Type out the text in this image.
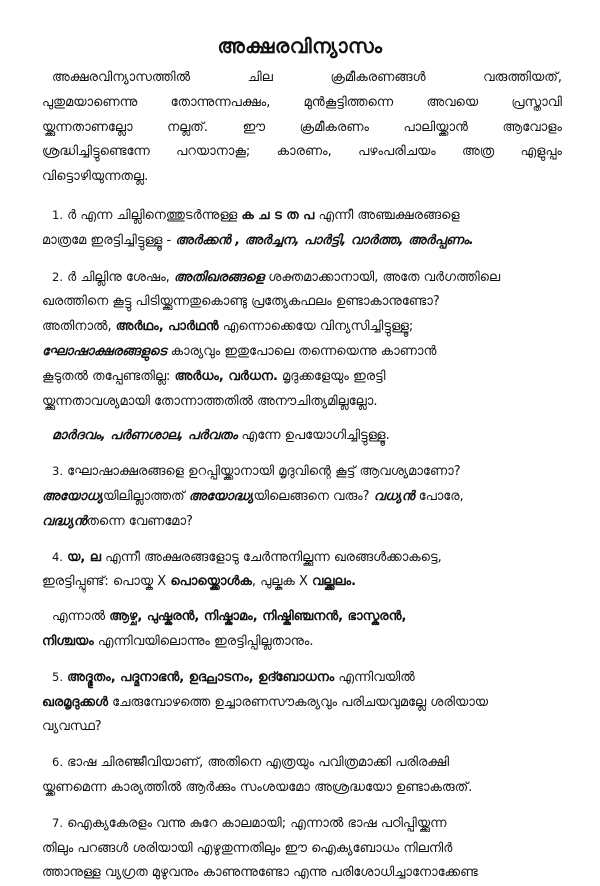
അക്ഷരവിന്യാസം
അക്ഷരവിന്യാസത്തിൽ ചില ക്രമീകരണങ്ങൾ വരുത്തിയത്,
പുതുമയാണെന്നു തോന്നുന്നപക്ഷം, മുൻകൂട്ടിത്തന്നെ അവയെ പ്രസ്താവി
യ്ക്കുന്നതാണല്ലോ നല്ലത്. ഈ ക്രമീകരണം പാലിയ്ക്കാൻ ആവോളം
ശ്രദ്ധിച്ചിട്ടുണ്ടെന്നേ പറയാനാകൂ; കാരണം, പഴംപരിചയം അത്ര എളുപ്പം
വിട്ടൊഴിയുന്നതല്ല.
1. ർ എന്ന ചില്ലിനെത്തുടർന്നുള്ള ക ച ട ത പ എന്നീ അഞ്ചക്ഷരങ്ങളെ
മാത്രമേ ഇരട്ടിച്ചിട്ടുള്ളൂ - അർക്കൻ , അർച്ചന, പാർട്ടി, വാർത്ത, അർപ്പണം.
2. ർ ചില്ലിനു ശേഷം, അതിഖരങ്ങളെ ശക്തമാക്കാനായി, അതേ വർഗത്തിലെ
ഖരത്തിനെ കൂട്ടു പിടിയ്ക്കുന്നതുകൊണ്ടു പ്രത്യേകഫലം ഉണ്ടാകാനുണ്ടോ?
അതിനാൽ, അർഥം, പാർഥൻ എന്നൊക്കെയേ വിന്യസിച്ചിട്ടുള്ളൂ;
ഘോഷാക്ഷരങ്ങളുടെ കാര്യവും ഇതുപോലെ തന്നെയെന്നു കാണാൻ
കൂടുതൽ തപ്പേണ്ടതില്ല: അർധം, വർധന. മൃദുക്കളേയും ഇരട്ടി
യ്ക്കുന്നതാവശ്യമായി തോന്നാത്തതിൽ അനൗചിത്യമില്ലല്ലോ.
മാർദവം, പർണശാല, പർവതം എന്നേ ഉപയോഗിച്ചിട്ടുള്ളൂ.
3. ഘോഷാക്ഷരങ്ങളെ ഉറപ്പിയ്ക്കാനായി മൃദുവിന്റെ കൂട്ട് ആവശ്യമാണോ?
അയോധ്യയിലില്ലാത്തത് അയോദ്ധ്യയിലെങ്ങനെ വരും? വധ്യൻ പോരേ,
വദ്ധ്യൻതന്നെ വേണമോ?
4. യ, ല എന്നീ അക്ഷരങ്ങളോടു ചേർന്നുനില്ക്കുന്ന ഖരങ്ങൾക്കാകട്ടെ,
ഇരട്ടിപ്പുണ്ട്: പൊയ്ക X പൊയ്ക്കൊൾക, പുല്കുക X വല്ക്കലം.
എന്നാൽ ആഴ്ച, പുഷ്കരൻ, നിഷ്കാമം, നിഷ്കിഞ്ചനൻ, ഭാസ്കരൻ,
നിശ്ചയം എന്നിവയിലൊന്നും ഇരട്ടിപ്പില്ലതാനും.
5. അദ്ഭുതം, പദ്മനാഭൻ, ഉദ്ഘാടനം, ഉദ്ബോധനം എന്നിവയിൽ
ഖരമൃദുക്കൾ ചേരുമ്പോഴത്തെ ഉച്ചാരണസൗകര്യവും പരിചയവുമല്ലേ ശരിയായ
വ്യവസ്ഥ?
6. ഭാഷ ചിരഞ്ജീവിയാണ്, അതിനെ എത്രയും പവിത്രമാക്കി പരിരക്ഷി
യ്ക്കണമെന്ന കാര്യത്തിൽ ആർക്കും സംശയമോ അശ്രദ്ധയോ ഉണ്ടാകരുത്.
7. ഐക്യകേരളം വന്നു കുറേ കാലമായി; എന്നാൽ ഭാഷ പഠിപ്പിയ്ക്കുന്ന
തിലും പറങ്ങൾ ശരിയായി എഴുതുന്നതിലും ഈ ഐക്യബോധം നിലനിർ
ത്താനുള്ള വ്യഗ്രത മുഴുവനും കാണുന്നുണ്ടോ എന്നു പരിശോധിച്ചാനോക്കേണ്ട
